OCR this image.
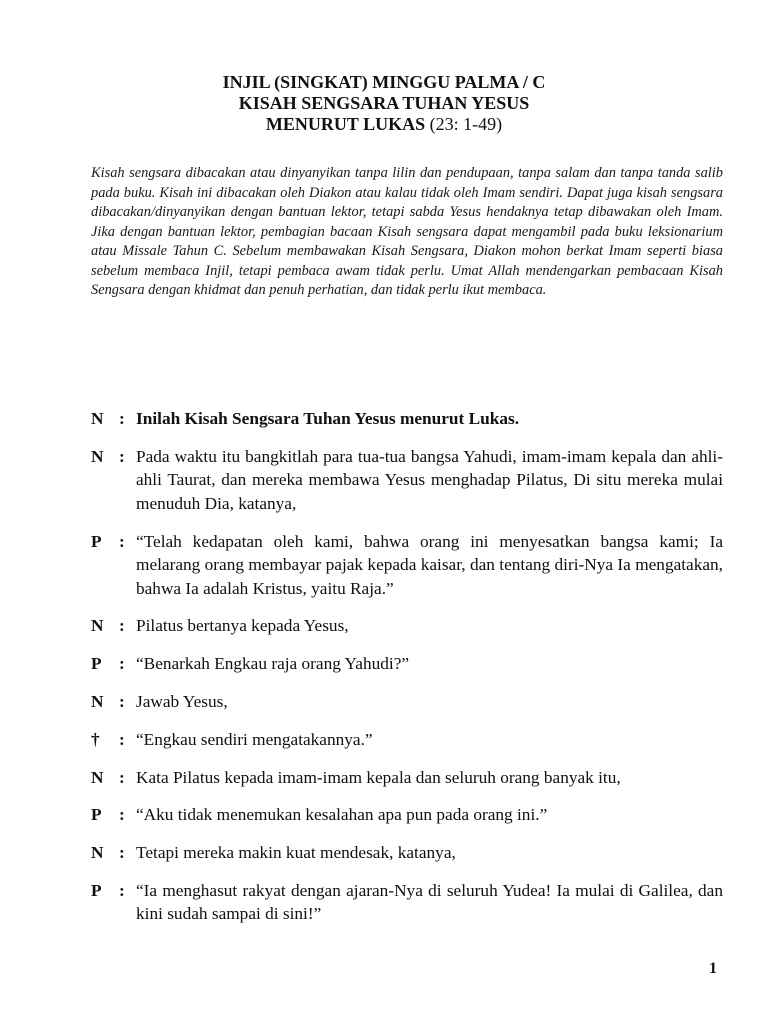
INJIL (SINGKAT) MINGGU PALMA / C
KISAH SENGSARA TUHAN YESUS
MENURUT LUKAS (23: 1-49)
Kisah sengsara dibacakan atau dinyanyikan tanpa lilin dan pendupaan, tanpa salam dan tanpa tanda salib pada buku. Kisah ini dibacakan oleh Diakon atau kalau tidak oleh Imam sendiri. Dapat juga kisah sengsara dibacakan/dinyanyikan dengan bantuan lektor, tetapi sabda Yesus hendaknya tetap dibawakan oleh Imam. Jika dengan bantuan lektor, pembagian bacaan Kisah sengsara dapat mengambil pada buku leksionarium atau Missale Tahun C. Sebelum membawakan Kisah Sengsara, Diakon mohon berkat Imam seperti biasa sebelum membaca Injil, tetapi pembaca awam tidak perlu. Umat Allah mendengarkan pembacaan Kisah Sengsara dengan khidmat dan penuh perhatian, dan tidak perlu ikut membaca.
N : Inilah Kisah Sengsara Tuhan Yesus menurut Lukas.
N : Pada waktu itu bangkitlah para tua-tua bangsa Yahudi, imam-imam kepala dan ahli-ahli Taurat, dan mereka membawa Yesus menghadap Pilatus, Di situ mereka mulai menuduh Dia, katanya,
P	: “Telah kedapatan oleh kami, bahwa orang ini menyesatkan bangsa kami; Ia melarang orang membayar pajak kepada kaisar, dan tentang diri-Nya Ia mengatakan, bahwa Ia adalah Kristus, yaitu Raja.”
N : Pilatus bertanya kepada Yesus,
P	: “Benarkah Engkau raja orang Yahudi?”
N : Jawab Yesus,
†	: “Engkau sendiri mengatakannya.”
N : Kata Pilatus kepada imam-imam kepala dan seluruh orang banyak itu,
P	: “Aku tidak menemukan kesalahan apa pun pada orang ini.”
N : Tetapi mereka makin kuat mendesak, katanya,
P	: “Ia menghasut rakyat dengan ajaran-Nya di seluruh Yudea! Ia mulai di Galilea, dan kini sudah sampai di sini!”
1
